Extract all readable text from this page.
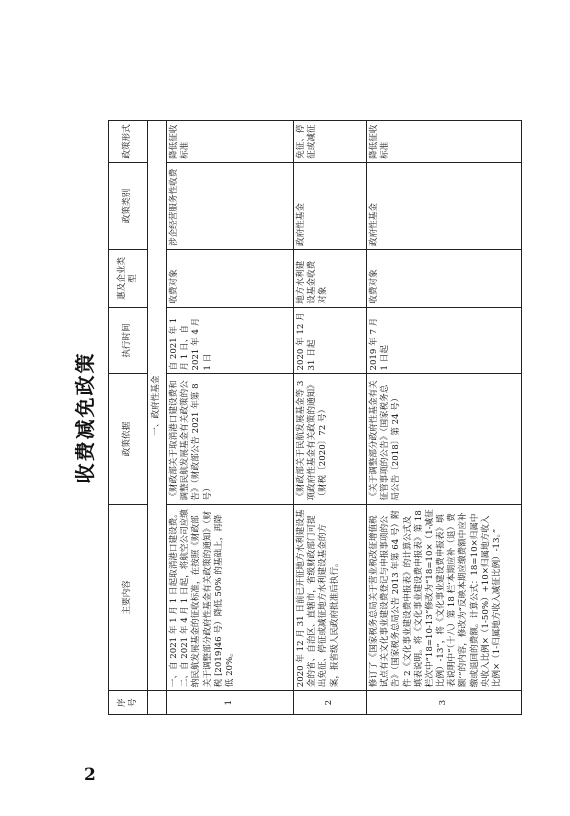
收费减免政策
序号	主要内容	政策依据	执行时间	惠及企业类型	政策类别	政策形式
	一、政府性基金					
1	一、自 2021 年 1 月 1 日起取消港口建设费。 二、自 2021 年 4 月 1 日起，将航空公司应缴纳民航发展基金的征收标准，在按照《财政部关于调整部分政府性基金有关政策的通知》（财税 [2019]46 号）降低 50% 的基础上，再降低 20%。	《财政部关于取消港口建设费和调整民航发展基金有关政策的公告》（财政部公告 2021 年第 8 号）	自 2021 年 1 月 1 日、自 2021 年 4 月 1 日	收费对象	涉企经营服务性收费	降低征收标准
2	2020 年 12 月 31 日前已开征地方水利建设基金的省、自治区、直辖市，省级财政部门可提出免征、停征或减征地方水利建设基金的方案，报省级人民政府批准后执行。	《财政部关于民航发展基金等 3 项政府性基金有关政策的通知》（财税〔2020〕72 号）	2020 年 12 月 31 日起	地方水利建设基金收费对象	政府性基金	免征、停征或减征
3	修订了《国家税务总局关于营业税改征增值税试点有关文化事业建设费登记与申报事项的公告》（国家税务总局公告 2013 年第 64 号）附件 2《文化事业建设费申报表》的计算公式及填表说明。将《文化事业建设费申报表》第 18 栏次中“18=10-13”修改为“18=10×（1-减征比例）-13”，将《文化事业建设费申报表》填表说明中“（十八）第 18 栏‘本期应补（退）费额’”的内容，修改为“反映本期应缴费额中应补缴或退回的费额。计算公式：18=10×归属中央收入比例×（1-50%）+10×归属地方收入比例×（1-归属地方收入减征比例）-13。”	《关于调整部分政府性基金有关征管事项的公告》（国家税务总局公告〔2018〕第 24 号）	2019 年 7 月 1 日起	收费对象	政府性基金	降低征收标准
2
